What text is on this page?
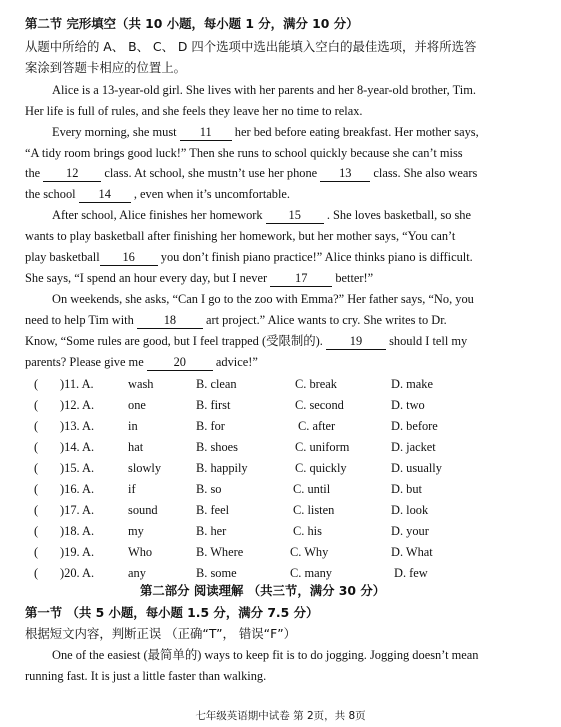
第二节 完形填空（共 10 小题，每小题 1 分，满分 10 分）
从题中所给的 A、 B、 C、 D 四个选项中选出能填入空白的最佳选项，并将所选答
案涂到答题卡相应的位置上。
Alice is a 13-year-old girl. She lives with her parents and her 8-year-old brother, Tim.
Her life is full of rules, and she feels they leave her no time to relax.
Every morning, she must 11 her bed before eating breakfast. Her mother says,
“A tidy room brings good luck!” Then she runs to school quickly because she can’t miss
the 12 class. At school, she mustn’t use her phone 13 class. She also wears
the school 14 , even when it’s uncomfortable.
After school, Alice finishes her homework 15 . She loves basketball, so she
wants to play basketball after finishing her homework, but her mother says, “You can’t
play basketball 16 you don’t finish piano practice!” Alice thinks piano is difficult.
She says, “I spend an hour every day, but I never 17 better!”
On weekends, she asks, “Can I go to the zoo with Emma?” Her father says, “No, you
need to help Tim with 18 art project.” Alice wants to cry. She writes to Dr.
Know, “Some rules are good, but I feel trapped (受限制的). 19 should I tell my
parents? Please give me 20 advice!”
( )11. A.	wash	B. clean	C. break	D. make
( )12. A.	one	B. first	C. second	D. two
( )13. A.	in	B. for	C. after	D. before
( )14. A.	hat	B. shoes	C. uniform	D. jacket
( )15. A.	slowly	B. happily	C. quickly	D. usually
( )16. A.	if	B. so	C. until	D. but
( )17. A.	sound	B. feel	C. listen	D. look
( )18. A.	my	B. her	C. his	D. your
( )19. A.	Who	B. Where	C. Why	D. What
( )20. A.	any	B. some	C. many	D. few
第二部分 阅读理解 （共三节，满分 30 分）
第一节 （共 5 小题，每小题 1.5 分，满分 7.5 分）
根据短文内容，判断正误 （正确“T”， 错误“F”）
One of the easiest (最简单的) ways to keep fit is to do jogging. Jogging doesn’t mean
running fast. It is just a little faster than walking.
七年级英语期中试卷 第 2页，共 8页
